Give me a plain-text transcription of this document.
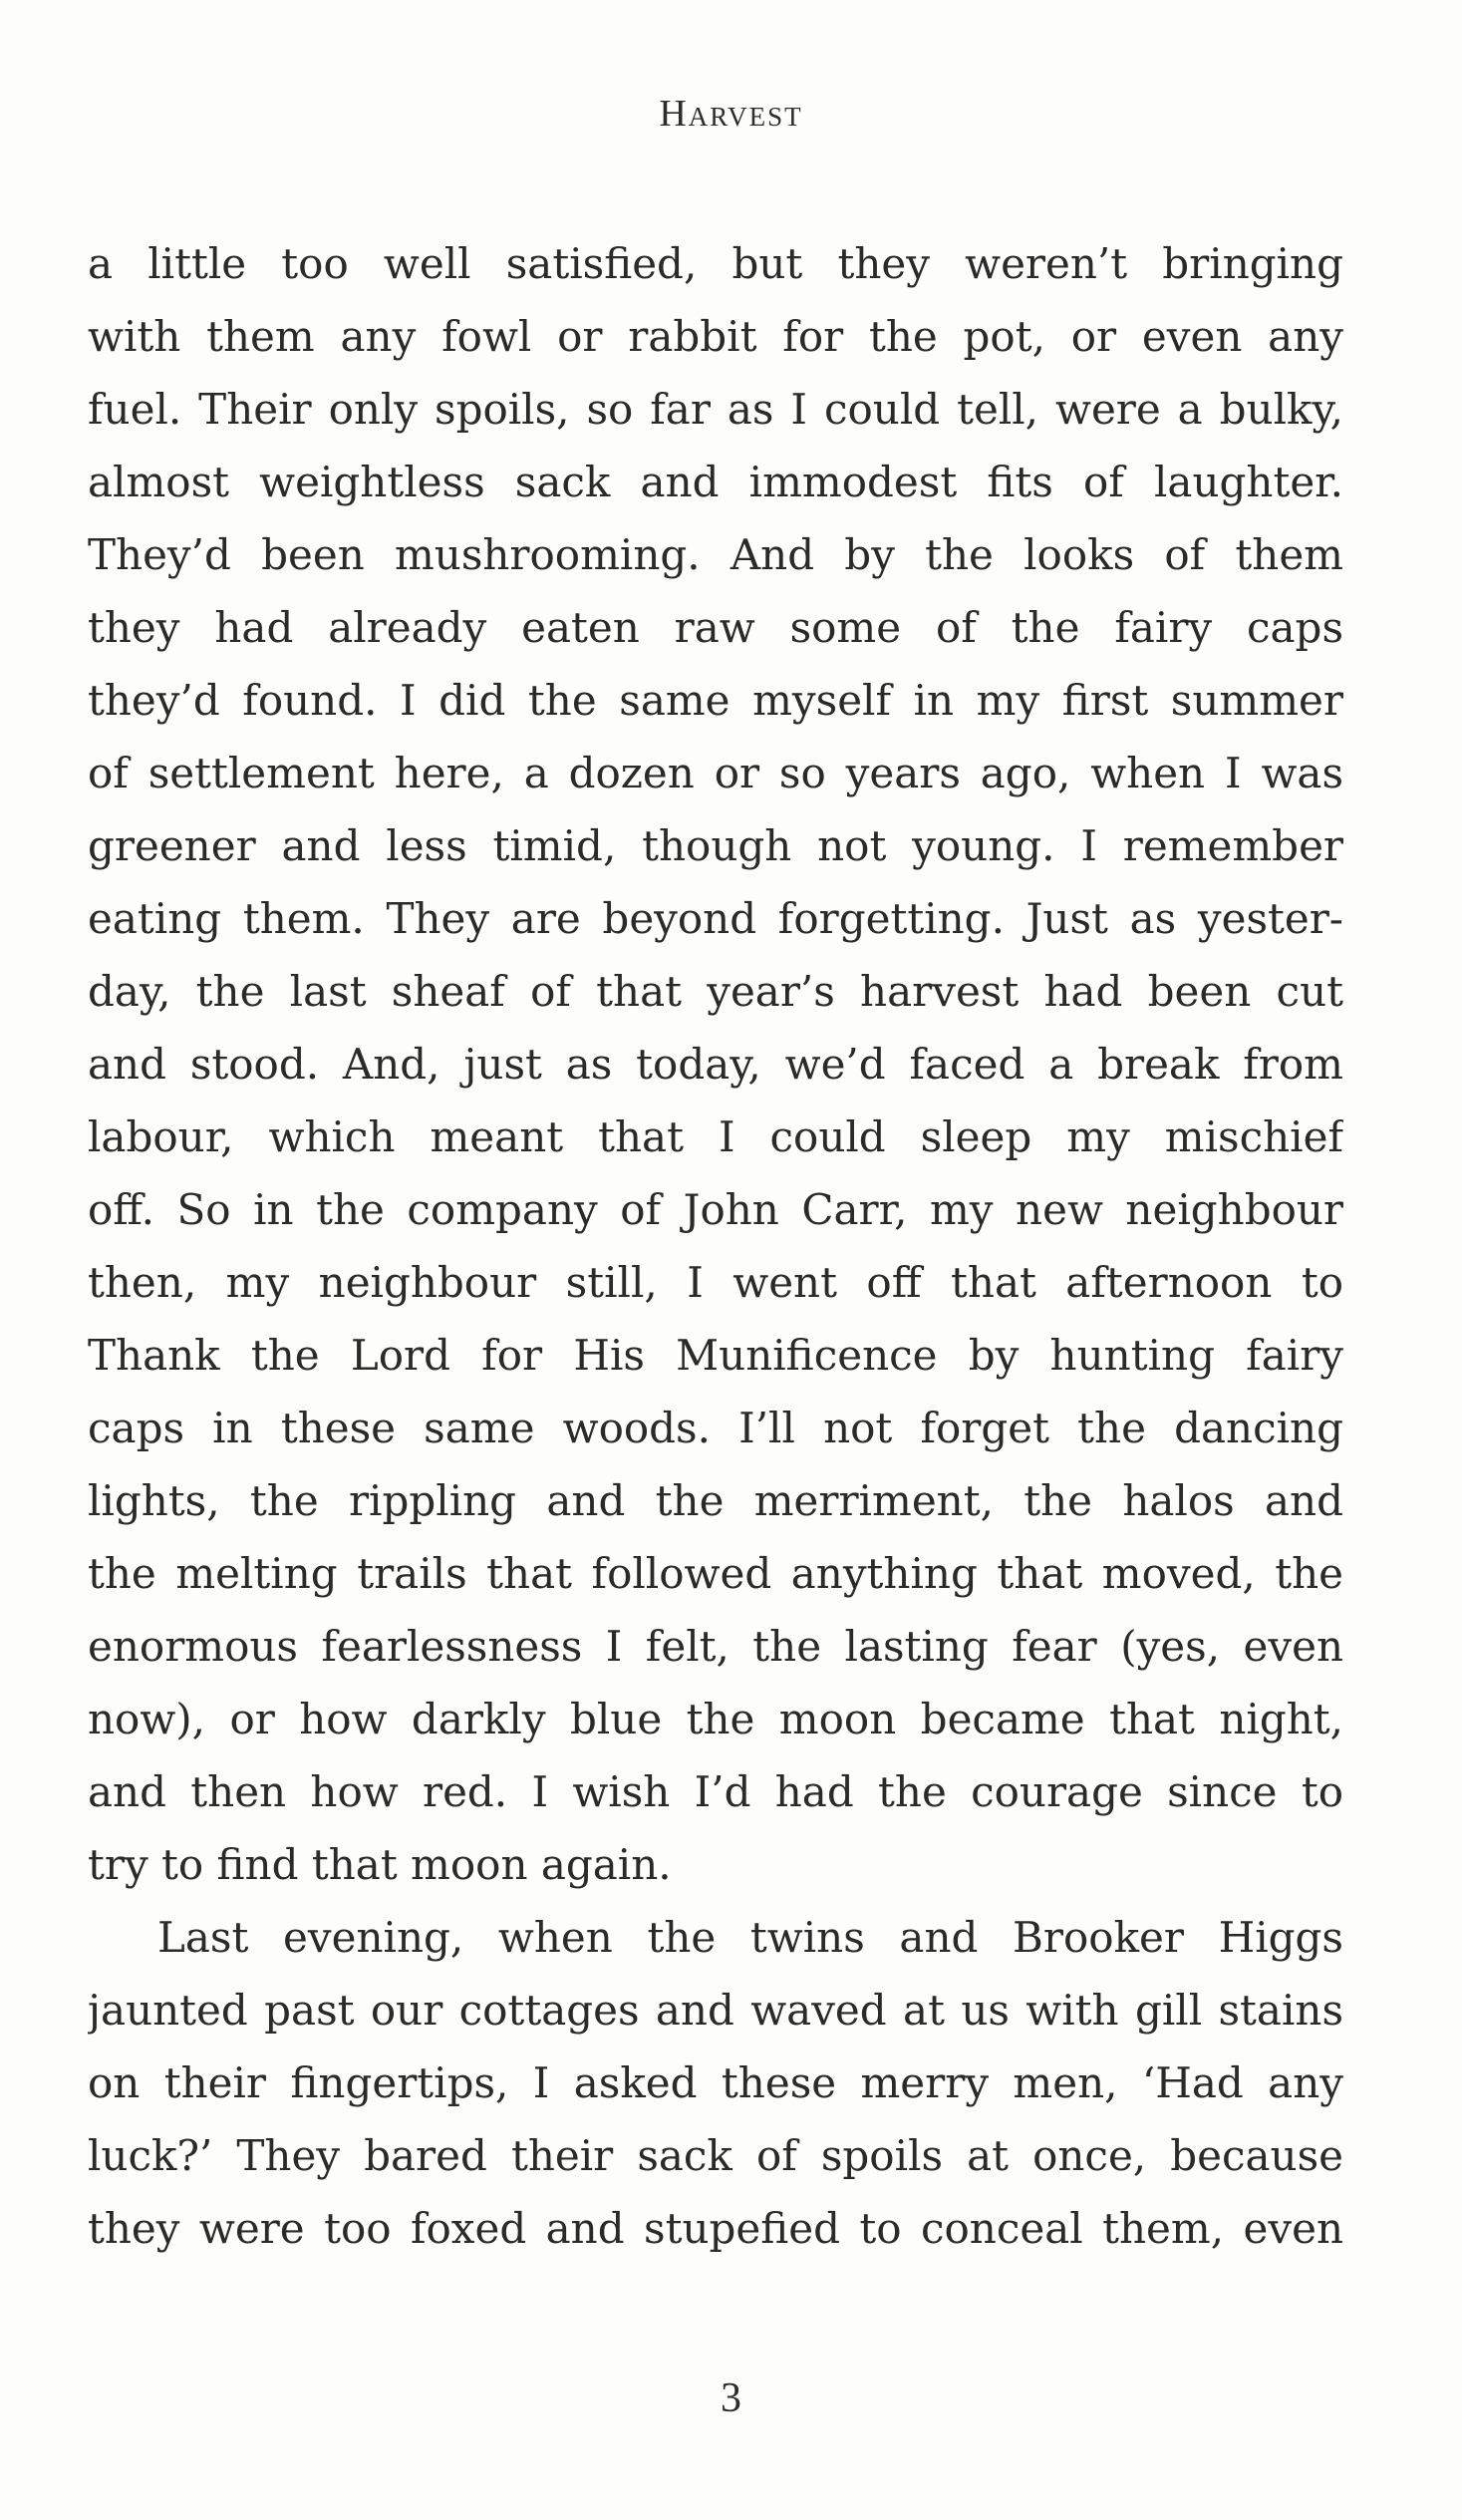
Harvest
a little too well satisfied, but they weren’t bringing
with them any fowl or rabbit for the pot, or even any
fuel. Their only spoils, so far as I could tell, were a bulky,
almost weightless sack and immodest fits of laughter.
They’d been mushrooming. And by the looks of them
they had already eaten raw some of the fairy caps
they’d found. I did the same myself in my first summer
of settlement here, a dozen or so years ago, when I was
greener and less timid, though not young. I remember
eating them. They are beyond forgetting. Just as yester-
day, the last sheaf of that year’s harvest had been cut
and stood. And, just as today, we’d faced a break from
labour, which meant that I could sleep my mischief
off. So in the company of John Carr, my new neighbour
then, my neighbour still, I went off that afternoon to
Thank the Lord for His Munificence by hunting fairy
caps in these same woods. I’ll not forget the dancing
lights, the rippling and the merriment, the halos and
the melting trails that followed anything that moved, the
enormous fearlessness I felt, the lasting fear (yes, even
now), or how darkly blue the moon became that night,
and then how red. I wish I’d had the courage since to
try to find that moon again.
Last evening, when the twins and Brooker Higgs
jaunted past our cottages and waved at us with gill stains
on their fingertips, I asked these merry men, ‘Had any
luck?’ They bared their sack of spoils at once, because
they were too foxed and stupefied to conceal them, even
3
